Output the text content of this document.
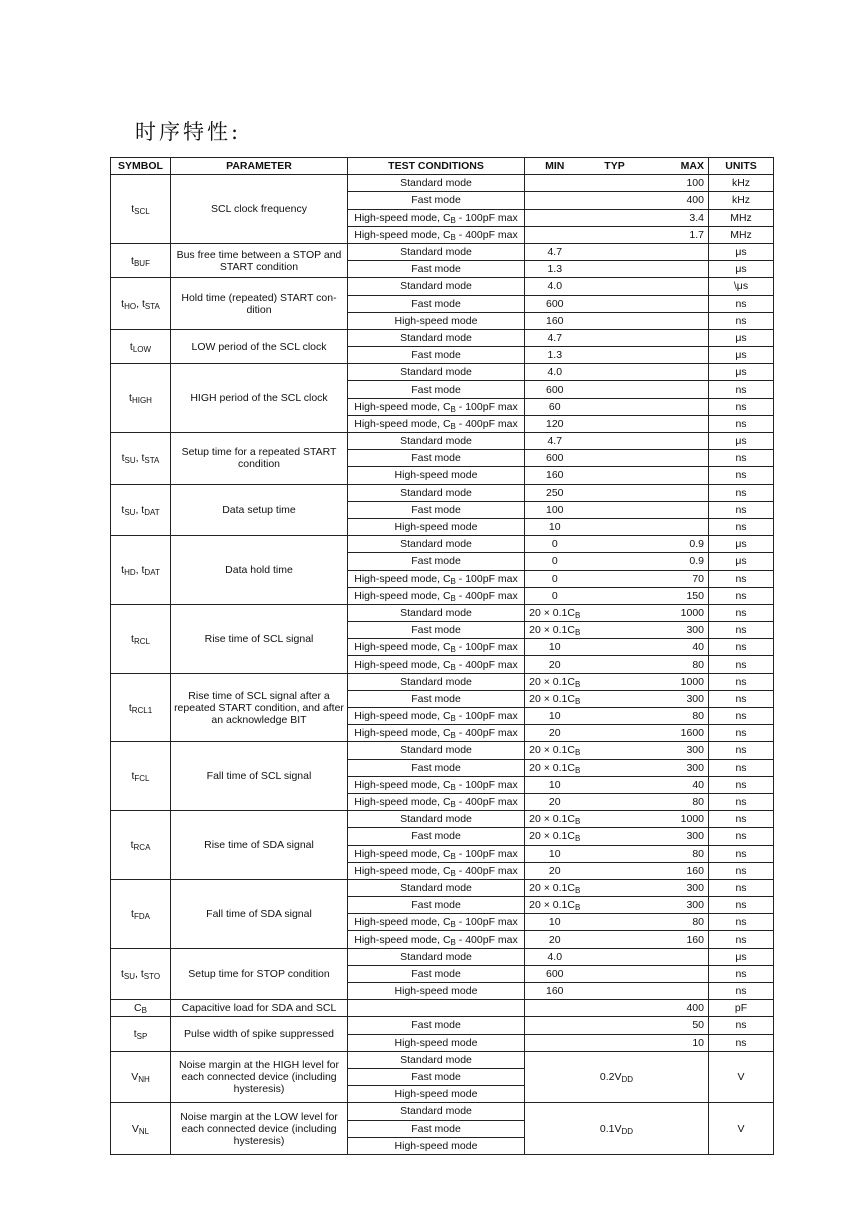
时序特性:
SYMBOL	PARAMETER	TEST CONDITIONS	MIN	TYP	MAX	UNITS
$t_{SCL}$	SCL clock frequency	Standard mode			100	kHz
		Fast mode			400	kHz
		High-speed mode, $C_B - 100pF$ max			3.4	MHz
		High-speed mode, $C_B - 400pF$ max			1.7	MHz
$t_{BUF}$	Bus free time between a STOP and START condition	Standard mode	4.7			μs
		Fast mode	1.3			μs
$t_{HO}$, $t_{STA}$	Hold time (repeated) START con-dition	Standard mode	4.0			\μs
		Fast mode	600			ns
		High-speed mode	160			ns
$t_{LOW}$	LOW period of the SCL clock	Standard mode	4.7			μs
		Fast mode	1.3			μs
$t_{HIGH}$	HIGH period of the SCL clock	Standard mode	4.0			μs
		Fast mode	600			ns
		High-speed mode, $C_B - 100pF$ max	60			ns
		High-speed mode, $C_B - 400pF$ max	120			ns
$t_{SU}$, $t_{STA}$	Setup time for a repeated START condition	Standard mode	4.7			μs
		Fast mode	600			ns
		High-speed mode	160			ns
$t_{SU}$, $t_{DAT}$	Data setup time	Standard mode	250			ns
		Fast mode	100			ns
		High-speed mode	10			ns
$t_{HD}$, $t_{DAT}$	Data hold time	Standard mode	0		0.9	μs
		Fast mode	0		0.9	μs
		High-speed mode, $C_B - 100pF$ max	0		70	ns
		High-speed mode, $C_B - 400pF$ max	0		150	ns
$t_{RCL}$	Rise time of SCL signal	Standard mode	$20 \times 0.1C_B$		1000	ns
		Fast mode	$20 \times 0.1C_B$		300	ns
		High-speed mode, $C_B - 100pF$ max	10		40	ns
		High-speed mode, $C_B - 400pF$ max	20		80	ns
$t_{RCL1}$	Rise time of SCL signal after a repeated START condition, and after an acknowledge BIT	Standard mode	$20 \times 0.1C_B$		1000	ns
		Fast mode	$20 \times 0.1C_B$		300	ns
		High-speed mode, $C_B - 100pF$ max	10		80	ns
		High-speed mode, $C_B - 400pF$ max	20		1600	ns
$t_{FCL}$	Fall time of SCL signal	Standard mode	$20 \times 0.1C_B$		300	ns
		Fast mode	$20 \times 0.1C_B$		300	ns
		High-speed mode, $C_B - 100pF$ max	10		40	ns
		High-speed mode, $C_B - 400pF$ max	20		80	ns
$t_{RCA}$	Rise time of SDA signal	Standard mode	$20 \times 0.1C_B$		1000	ns
		Fast mode	$20 \times 0.1C_B$		300	ns
		High-speed mode, $C_B - 100pF$ max	10		80	ns
		High-speed mode, $C_B - 400pF$ max	20		160	ns
$t_{FDA}$	Fall time of SDA signal	Standard mode	$20 \times 0.1C_B$		300	ns
		Fast mode	$20 \times 0.1C_B$		300	ns
		High-speed mode, $C_B - 100pF$ max	10		80	ns
		High-speed mode, $C_B - 400pF$ max	20		160	ns
$t_{SU}$, $t_{STO}$	Setup time for STOP condition	Standard mode	4.0			μs
		Fast mode	600			ns
		High-speed mode	160			ns
$C_B$	Capacitive load for SDA and SCL				400	pF
$t_{SP}$	Pulse width of spike suppressed	Fast mode			50	ns
		High-speed mode			10	ns
$V_{NH}$	Noise margin at the HIGH level for each connected device (including hysteresis)	Standard mode	$0.2V_{DD}$			V
		Fast mode				
		High-speed mode				
$V_{NL}$	Noise margin at the LOW level for each connected device (including hysteresis)	Standard mode	$0.1V_{DD}$			V
		Fast mode				
		High-speed mode				
